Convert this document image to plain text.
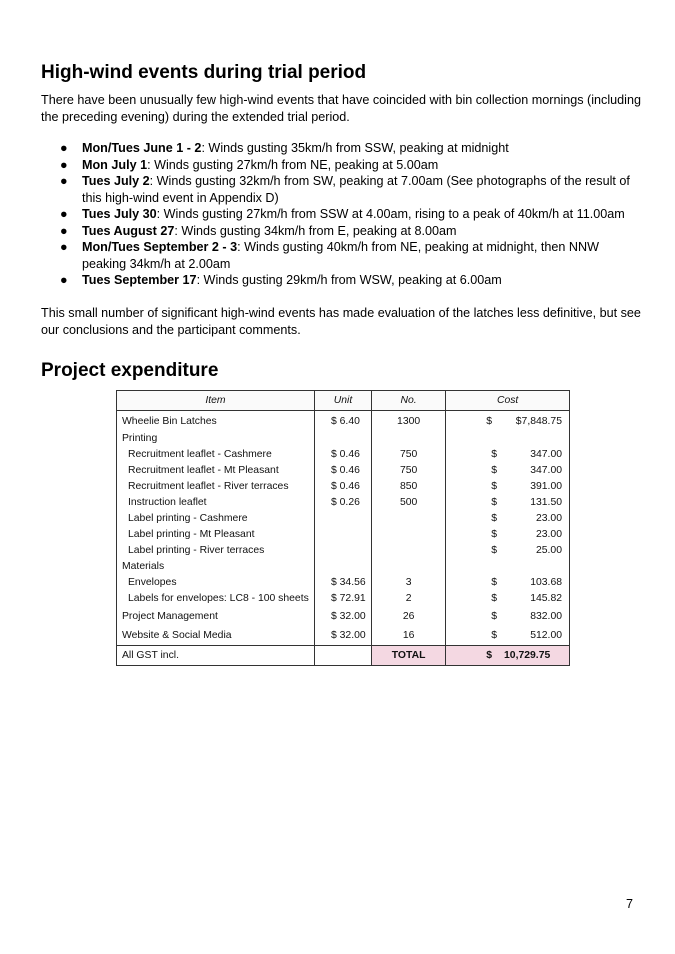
High-wind events during trial period

There have been unusually few high-wind events that have coincided with bin collection mornings (including the preceding evening) during the extended trial period.

● Mon/Tues June 1 - 2: Winds gusting 35km/h from SSW, peaking at midnight
● Mon July 1: Winds gusting 27km/h from NE, peaking at 5.00am
● Tues July 2: Winds gusting 32km/h from SW, peaking at 7.00am (See photographs of the result of this high-wind event in Appendix D)
● Tues July 30: Winds gusting 27km/h from SSW at 4.00am, rising to a peak of 40km/h at 11.00am
● Tues August 27: Winds gusting 34km/h from E, peaking at 8.00am
● Mon/Tues September 2 - 3: Winds gusting 40km/h from NE, peaking at midnight, then NNW peaking 34km/h at 2.00am
● Tues September 17: Winds gusting 29km/h from WSW, peaking at 6.00am

This small number of significant high-wind events has made evaluation of the latches less definitive, but see our conclusions and the participant comments.

Project expenditure
Item	Unit	No.	Cost
Wheelie Bin Latches	$ 6.40	1300	$ $7,848.75

Printing			

Recruitment leaflet - Cashmere	$ 0.46	750	$ 347.00

Recruitment leaflet - Mt Pleasant	$ 0.46	750	$ 347.00

Recruitment leaflet - River terraces	$ 0.46	850	$ 391.00

Instruction leaflet	$ 0.26	500	$ 131.50

Label printing - Cashmere			$ 23.00

Label printing - Mt Pleasant			$ 23.00

Label printing - River terraces			$ 25.00

Materials			

Envelopes	$ 34.56	3	$ 103.68

Labels for envelopes: LC8 - 100 sheets	$ 72.91	2	$ 145.82

Project Management	$ 32.00	26	$ 832.00

Website & Social Media	$ 32.00	16	$ 512.00

All GST incl.		TOTAL	$ 10,729.75
7
